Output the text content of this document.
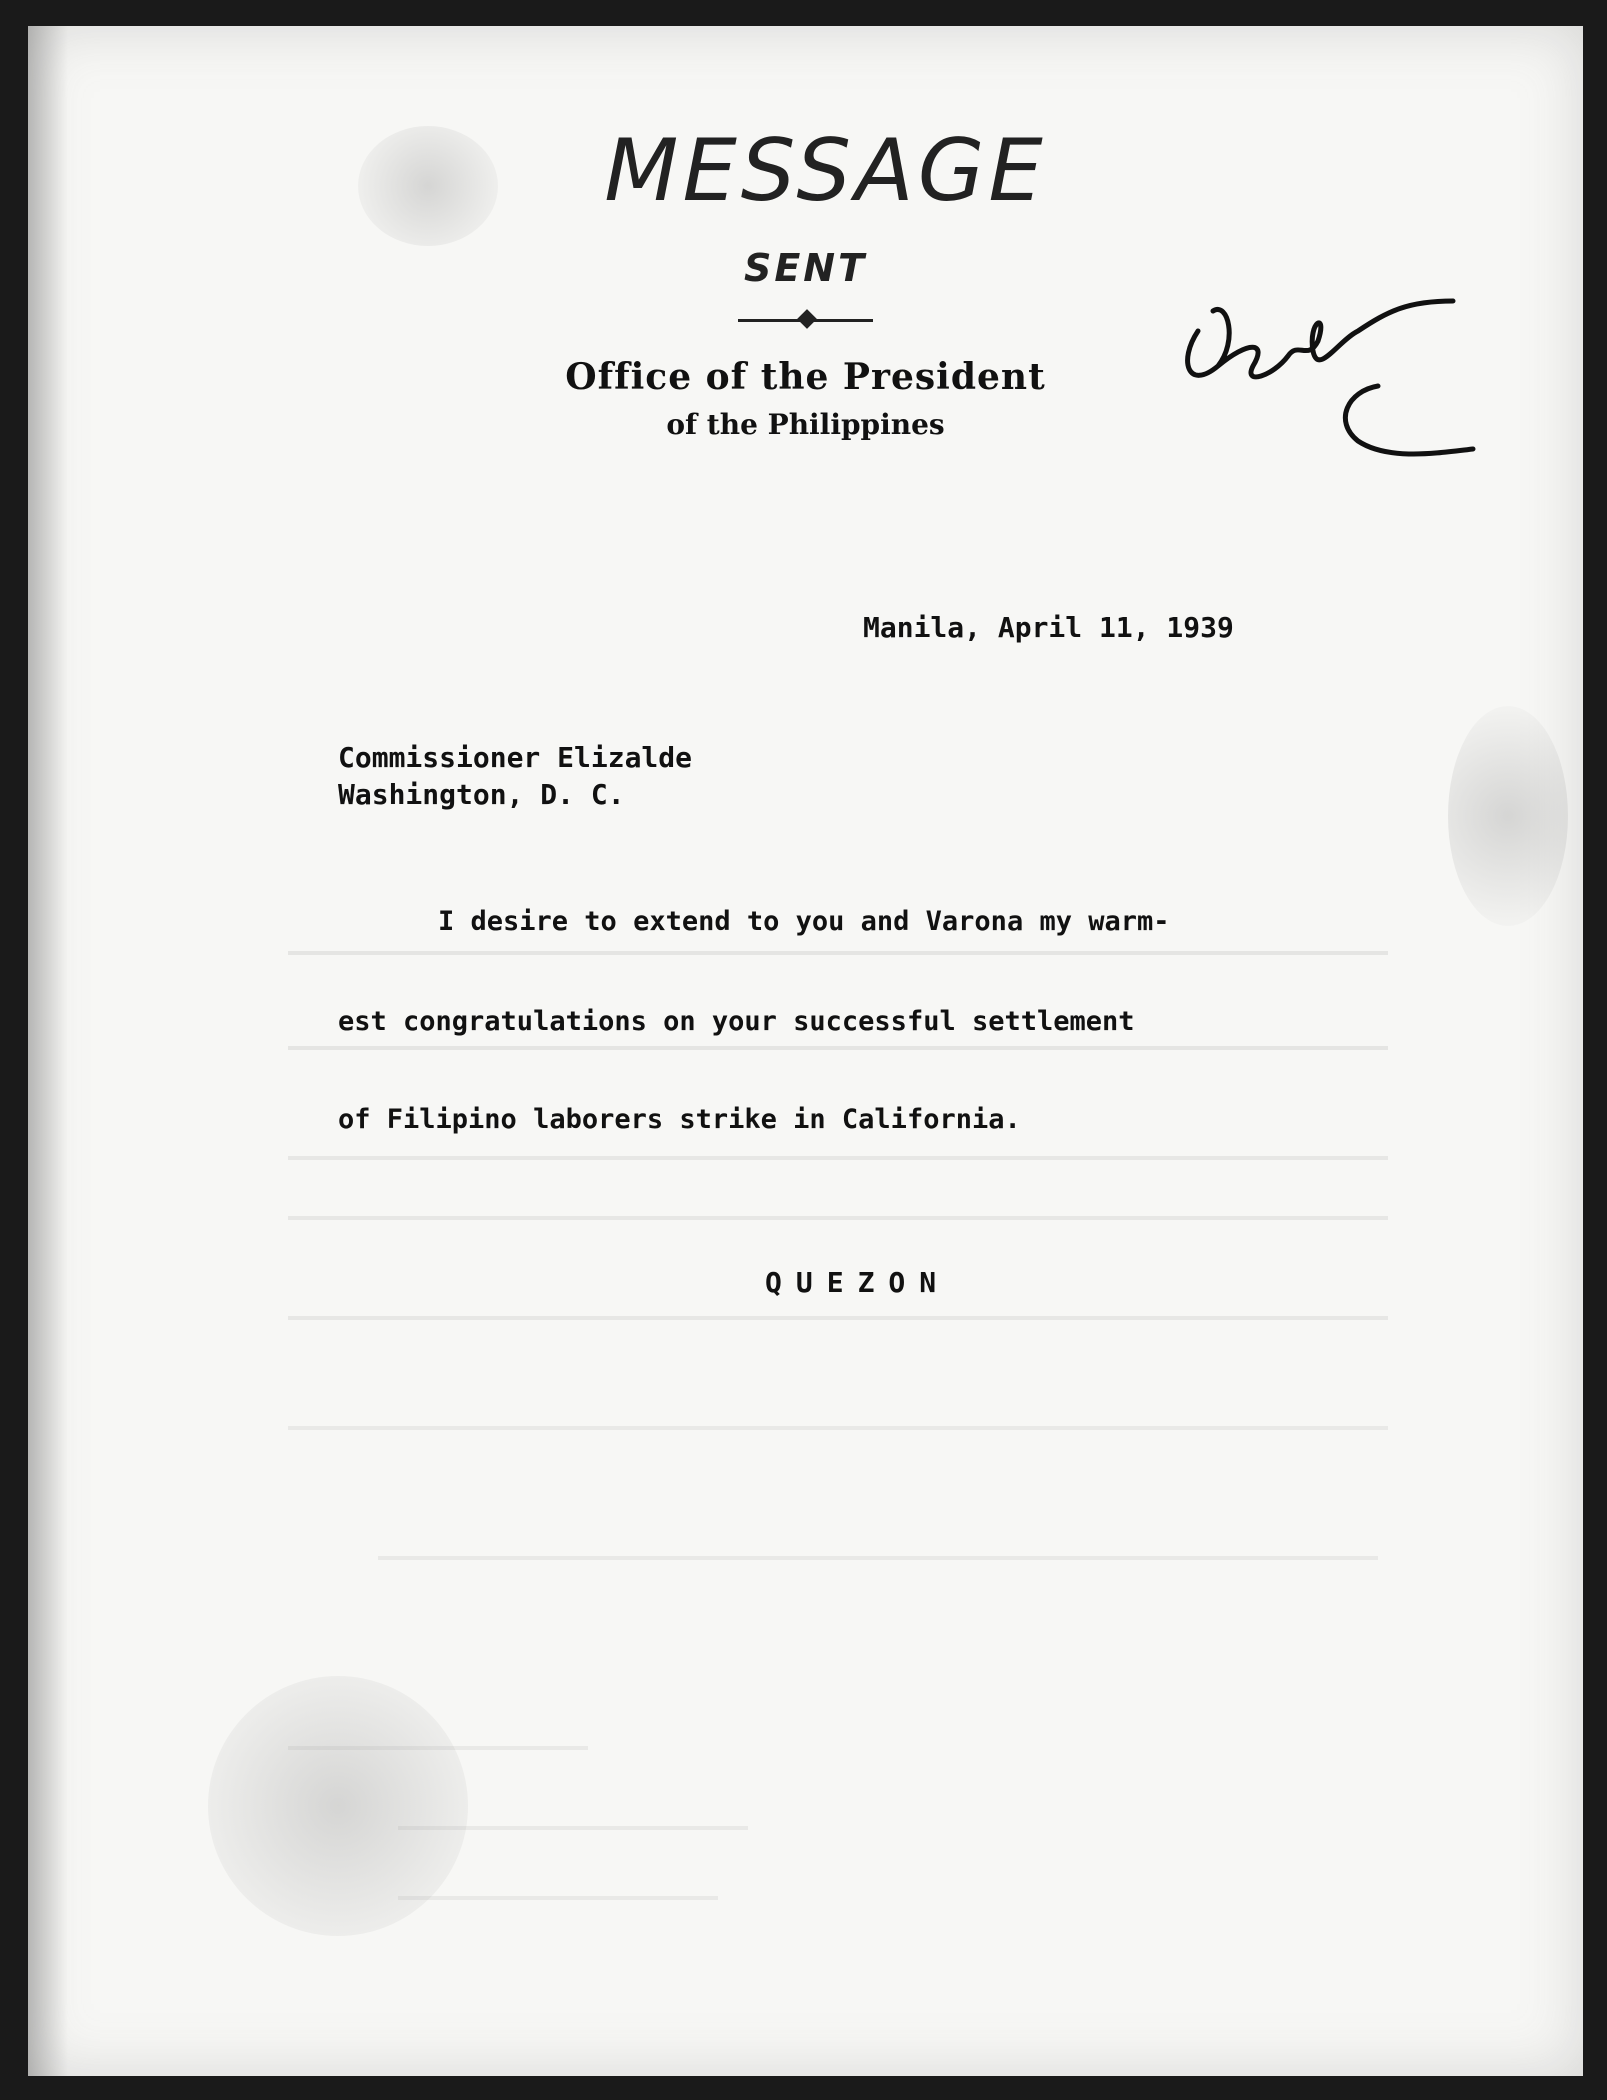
MESSAGE
SENT
Office of the President
of the Philippines
Manila, April 11, 1939
Commissioner Elizalde
Washington, D. C.
I desire to extend to you and Varona my warm-
est congratulations on your successful settlement
of Filipino laborers strike in California.
QUEZON
